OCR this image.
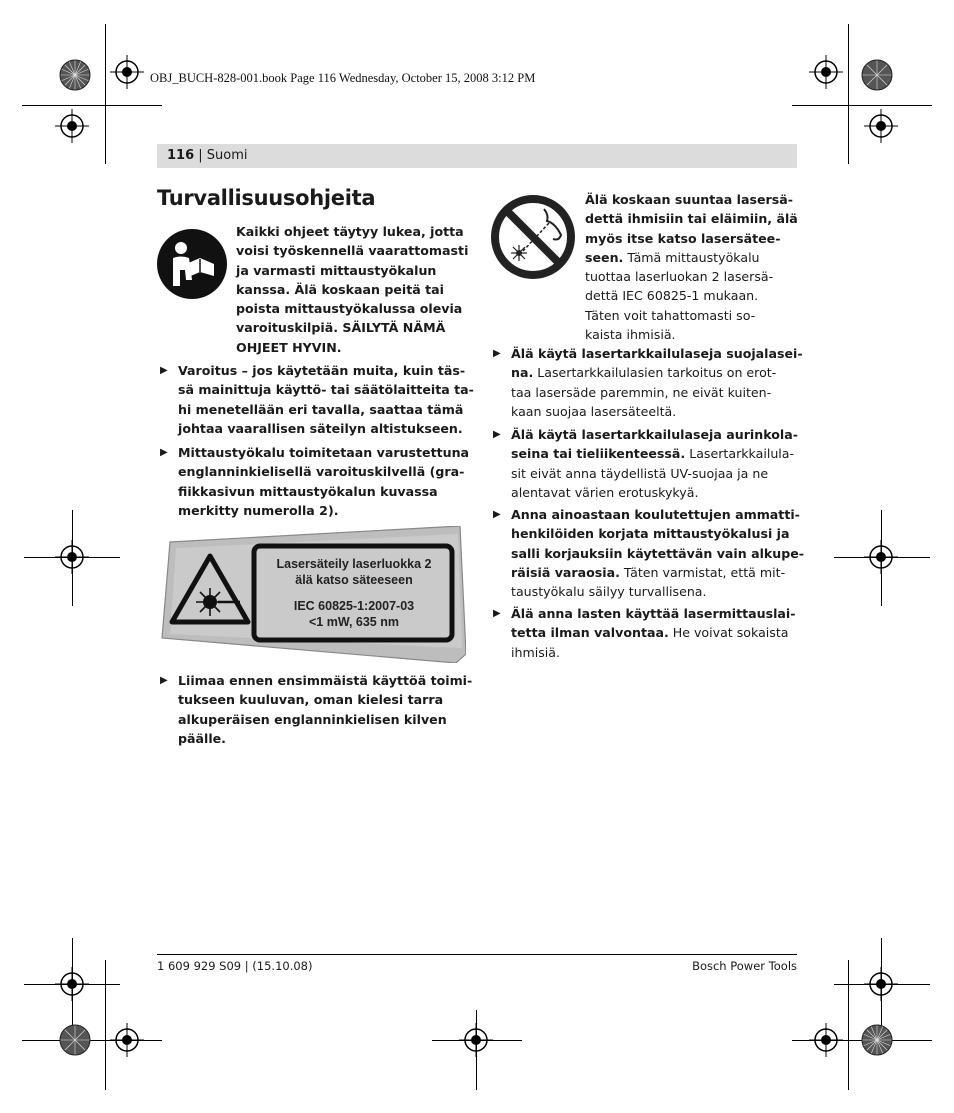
OBJ_BUCH-828-001.book Page 116 Wednesday, October 15, 2008 3:12 PM
116 | Suomi
Turvallisuusohjeita
Kaikki ohjeet täytyy lukea, jotta
voisi työskennellä vaarattomasti
ja varmasti mittaustyökalun
kanssa. Älä koskaan peitä tai
poista mittaustyökalussa olevia
varoituskilpiä. SÄILYTÄ NÄMÄ
OHJEET HYVIN.
▶ Varoitus – jos käytetään muita, kuin täs-
sä mainittuja käyttö- tai säätölaitteita ta-
hi menetellään eri tavalla, saattaa tämä
johtaa vaarallisen säteilyn altistukseen.
▶ Mittaustyökalu toimitetaan varustettuna
englanninkielisellä varoituskilvellä (gra-
fiikkasivun mittaustyökalun kuvassa
merkitty numerolla 2).
▶ Liimaa ennen ensimmäistä käyttöä toimi-
tukseen kuuluvan, oman kielesi tarra
alkuperäisen englanninkielisen kilven
päälle.
Lasersäteily laserluokka 2
älä katso säteeseen
IEC 60825-1:2007-03
<1 mW, 635 nm
Älä koskaan suuntaa lasersä-
dettä ihmisiin tai eläimiin, älä
myös itse katso lasersätee-
seen. Tämä mittaustyökalu
tuottaa laserluokan 2 lasersä-
dettä IEC 60825-1 mukaan.
Täten voit tahattomasti so-
kaista ihmisiä.
▶ Älä käytä lasertarkkailulaseja suojalasei-
na. Lasertarkkailulasien tarkoitus on erot-
taa lasersäde paremmin, ne eivät kuiten-
kaan suojaa lasersäteeltä.
▶ Älä käytä lasertarkkailulaseja aurinkola-
seina tai tieliikenteessä. Lasertarkkailula-
sit eivät anna täydellistä UV-suojaa ja ne
alentavat värien erotuskykyä.
▶ Anna ainoastaan koulutettujen ammatti-
henkilöiden korjata mittaustyökalusi ja
salli korjauksiin käytettävän vain alkupe-
räisiä varaosia. Täten varmistat, että mit-
taustyökalu säilyy turvallisena.
▶ Älä anna lasten käyttää lasermittauslai-
tetta ilman valvontaa. He voivat sokaista
ihmisiä.
1 609 929 S09 | (15.10.08)	Bosch Power Tools
